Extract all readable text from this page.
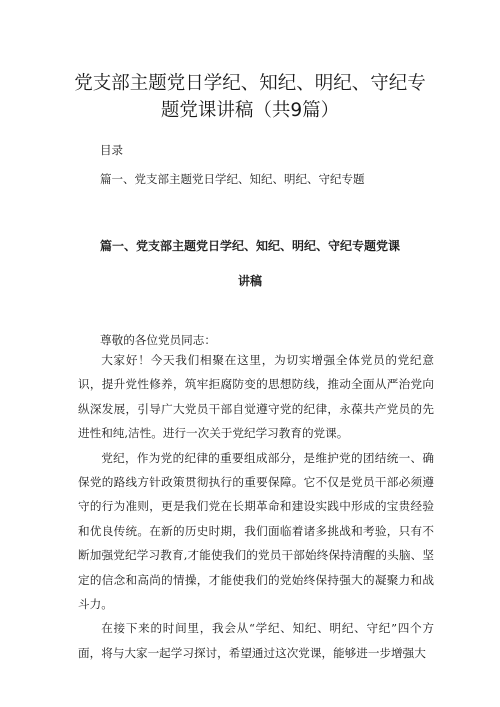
党支部主题党日学纪、知纪、明纪、守纪专
题党课讲稿（共9篇）
目录
篇一、党支部主题党日学纪、知纪、明纪、守纪专题
篇一、党支部主题党日学纪、知纪、明纪、守纪专题党课
讲稿
尊敬的各位党员同志：

大家好！今天我们相聚在这里，为切实增强全体党员的党纪意识，提升党性修养，筑牢拒腐防变的思想防线，推动全面从严治党向纵深发展，引导广大党员干部自觉遵守党的纪律，永葆共产党员的先进性和纯,洁性。进行一次关于党纪学习教育的党课。

党纪，作为党的纪律的重要组成部分，是维护党的团结统一、确保党的路线方针政策贯彻执行的重要保障。它不仅是党员干部必须遵守的行为准则，更是我们党在长期革命和建设实践中形成的宝贵经验和优良传统。在新的历史时期，我们面临着诸多挑战和考验，只有不断加强党纪学习教育,才能使我们的党员干部始终保持清醒的头脑、坚定的信念和高尚的情操，才能使我们的党始终保持强大的凝聚力和战斗力。

在接下来的时间里，我会从“学纪、知纪、明纪、守纪”四个方面，将与大家一起学习探讨，希望通过这次党课，能够进一步增强大
